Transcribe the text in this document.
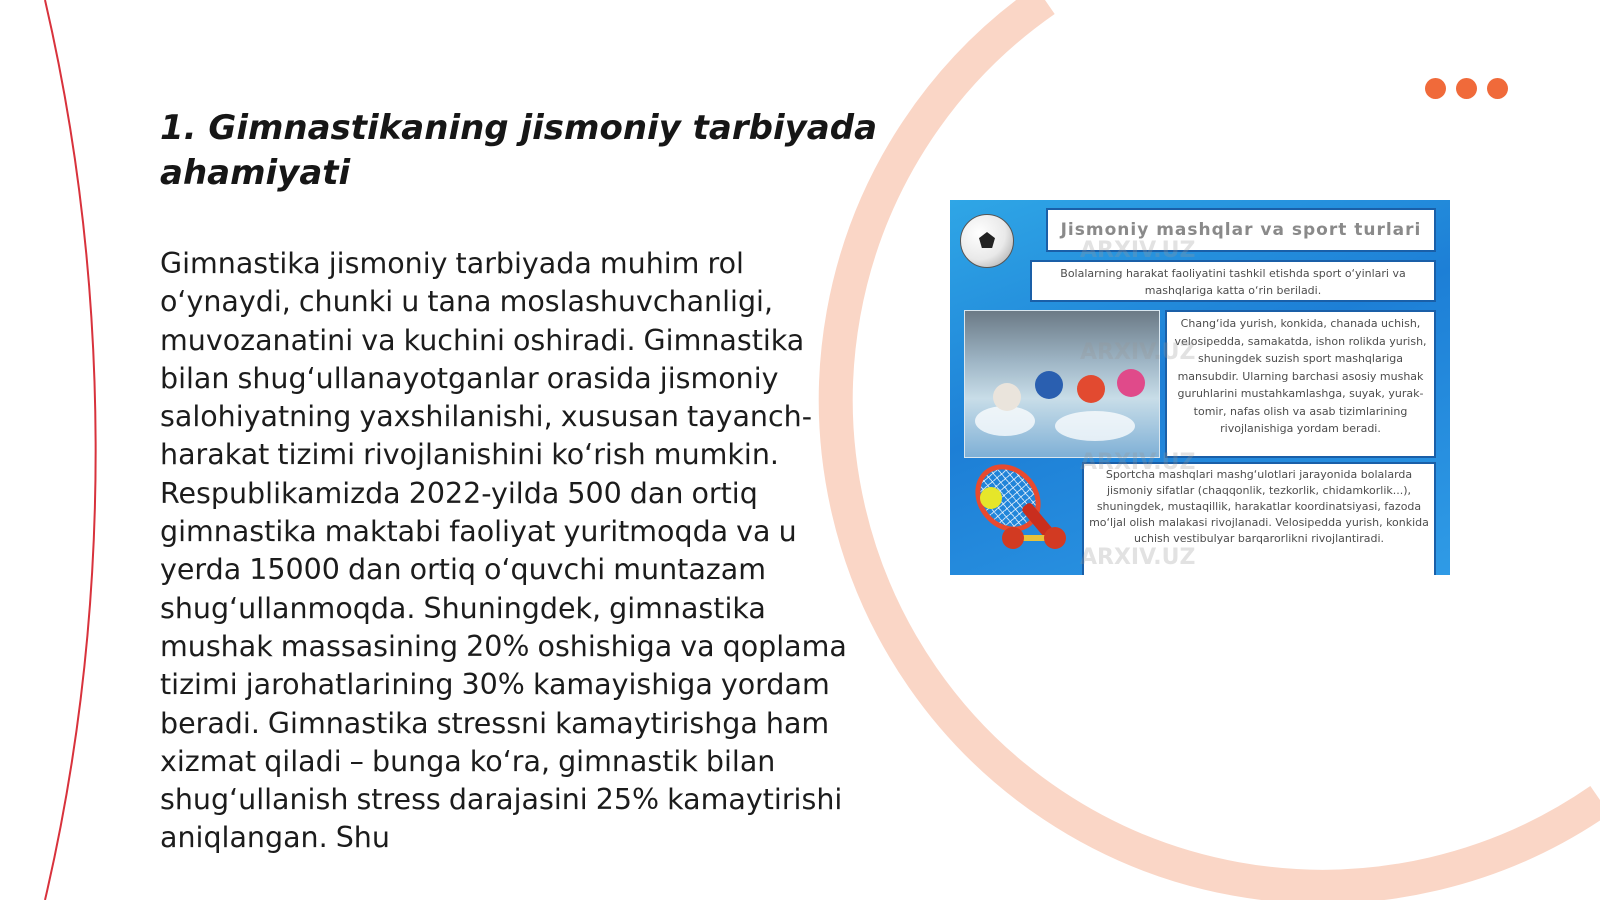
1. Gimnastikaning jismoniy tarbiyada ahamiyati

Gimnastika jismoniy tarbiyada muhim rol o‘ynaydi, chunki u tana moslashuvchanligi, muvozanatini va kuchini oshiradi. Gimnastika bilan shug‘ullanayotganlar orasida jismoniy salohiyatning yaxshilanishi, xususan tayanch-harakat tizimi rivojlanishini ko‘rish mumkin. Respublikamizda 2022-yilda 500 dan ortiq gimnastika maktabi faoliyat yuritmoqda va u yerda 15000 dan ortiq o‘quvchi muntazam shug‘ullanmoqda. Shuningdek, gimnastika mushak massasining 20% oshishiga va qoplama tizimi jarohatlarining 30% kamayishiga yordam beradi. Gimnastika stressni kamaytirishga ham xizmat qiladi – bunga ko‘ra, gimnastik bilan shug‘ullanish stress darajasini 25% kamaytirishi aniqlangan. Shu

Jismoniy mashqlar va sport turlari
Bolalarning harakat faoliyatini tashkil etishda sport o‘yinlari va mashqlariga katta o‘rin beriladi.
Chang‘ida yurish, konkida, chanada uchish, velosipedda, samakatda, ishon rolikda yurish, shuningdek suzish sport mashqlariga mansubdir. Ularning barchasi asosiy mushak guruhlarini mustahkamlashga, suyak, yurak-tomir, nafas olish va asab tizimlarining rivojlanishiga yordam beradi.
Sportcha mashqlari mashg‘ulotlari jarayonida bolalarda jismoniy sifatlar (chaqqonlik, tezkorlik, chidamkorlik...), shuningdek, mustaqillik, harakatlar koordinatsiyasi, fazoda mo‘ljal olish malakasi rivojlanadi. Velosipedda yurish, konkida uchish vestibulyar barqarorlikni rivojlantiradi.
ARXIV.UZ
ARXIV.UZ
ARXIV.UZ
ARXIV.UZ
